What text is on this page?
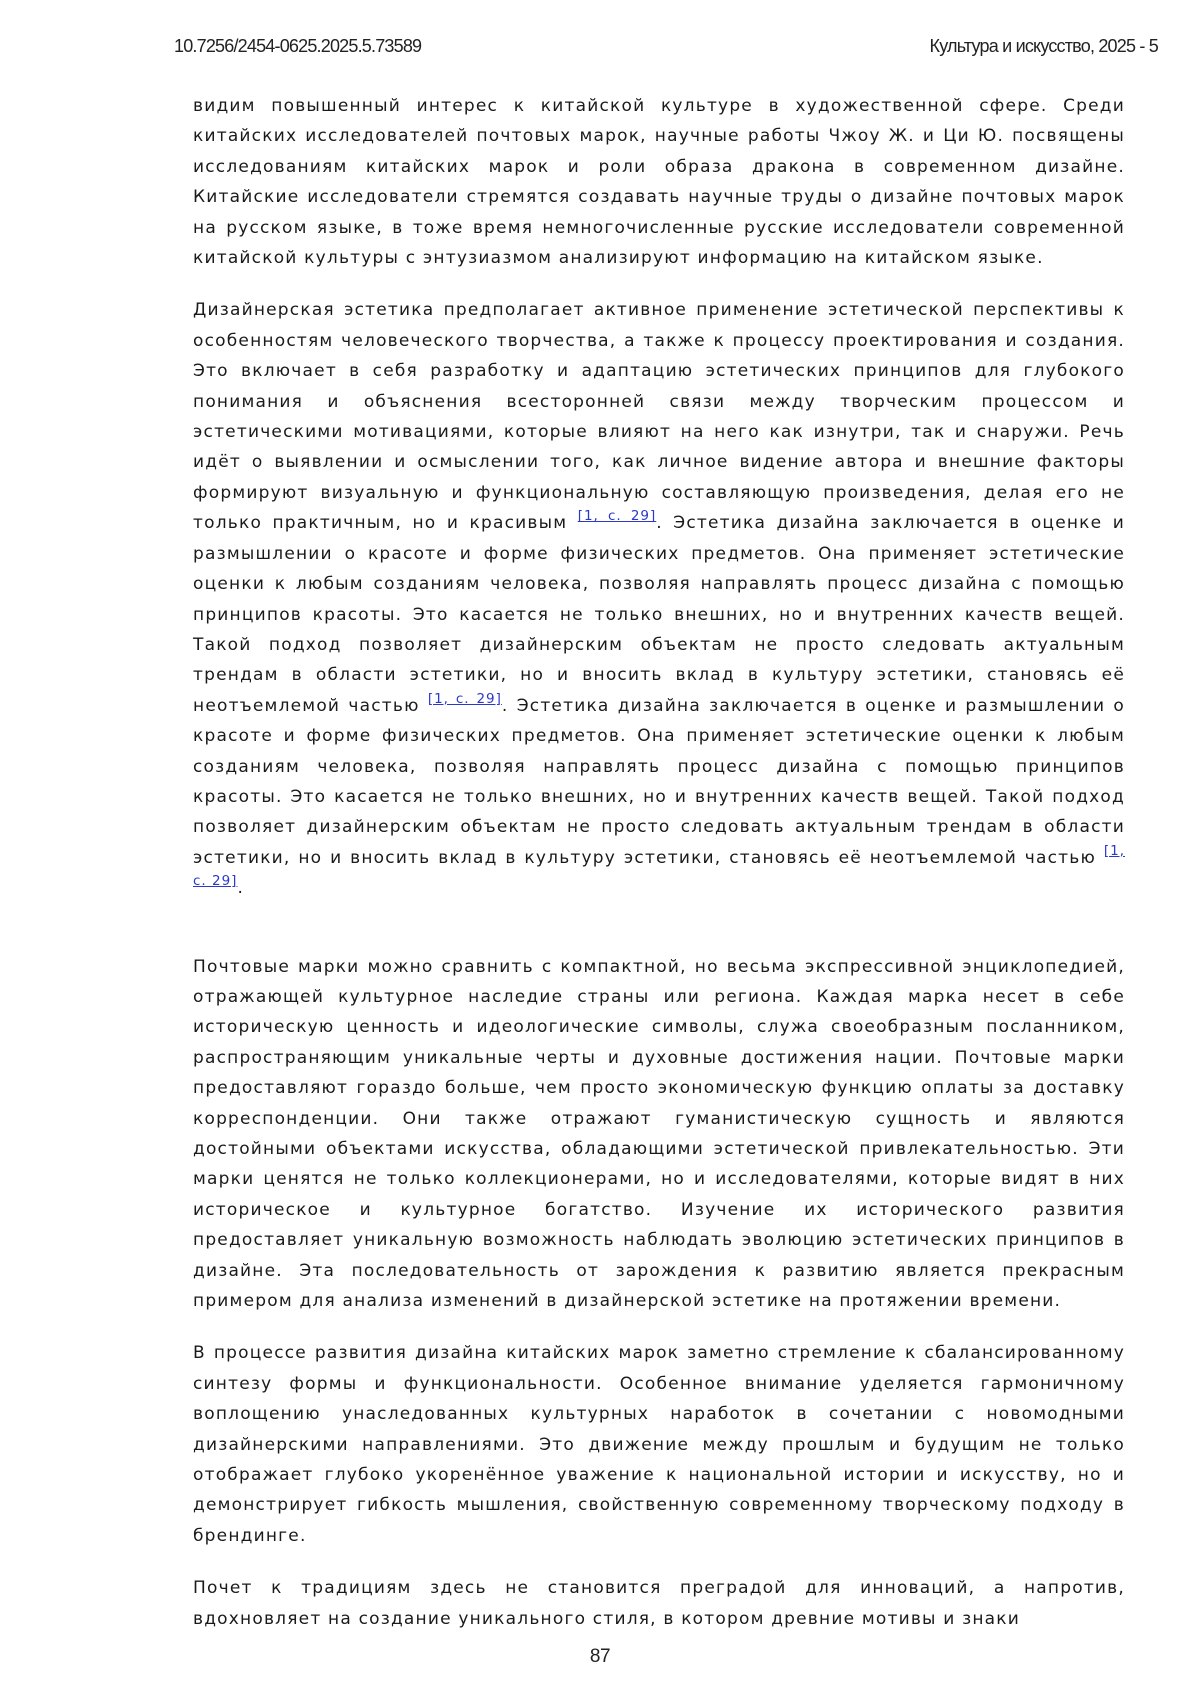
10.7256/2454-0625.2025.5.73589	Культура и искусство, 2025 - 5

видим повышенный интерес к китайской культуре в художественной сфере. Среди китайских исследователей почтовых марок, научные работы Чжоу Ж. и Ци Ю. посвящены исследованиям китайских марок и роли образа дракона в современном дизайне. Китайские исследователи стремятся создавать научные труды о дизайне почтовых марок на русском языке, в тоже время немногочисленные русские исследователи современной китайской культуры с энтузиазмом анализируют информацию на китайском языке.

Дизайнерская эстетика предполагает активное применение эстетической перспективы к особенностям человеческого творчества, а также к процессу проектирования и создания. Это включает в себя разработку и адаптацию эстетических принципов для глубокого понимания и объяснения всесторонней связи между творческим процессом и эстетическими мотивациями, которые влияют на него как изнутри, так и снаружи. Речь идёт о выявлении и осмыслении того, как личное видение автора и внешние факторы формируют визуальную и функциональную составляющую произведения, делая его не только практичным, но и красивым [1, с. 29]. Эстетика дизайна заключается в оценке и размышлении о красоте и форме физических предметов. Она применяет эстетические оценки к любым созданиям человека, позволяя направлять процесс дизайна с помощью принципов красоты. Это касается не только внешних, но и внутренних качеств вещей. Такой подход позволяет дизайнерским объектам не просто следовать актуальным трендам в области эстетики, но и вносить вклад в культуру эстетики, становясь её неотъемлемой частью [1, с. 29]. Эстетика дизайна заключается в оценке и размышлении о красоте и форме физических предметов. Она применяет эстетические оценки к любым созданиям человека, позволяя направлять процесс дизайна с помощью принципов красоты. Это касается не только внешних, но и внутренних качеств вещей. Такой подход позволяет дизайнерским объектам не просто следовать актуальным трендам в области эстетики, но и вносить вклад в культуру эстетики, становясь её неотъемлемой частью [1, с. 29].

Почтовые марки можно сравнить с компактной, но весьма экспрессивной энциклопедией, отражающей культурное наследие страны или региона. Каждая марка несет в себе историческую ценность и идеологические символы, служа своеобразным посланником, распространяющим уникальные черты и духовные достижения нации. Почтовые марки предоставляют гораздо больше, чем просто экономическую функцию оплаты за доставку корреспонденции. Они также отражают гуманистическую сущность и являются достойными объектами искусства, обладающими эстетической привлекательностью. Эти марки ценятся не только коллекционерами, но и исследователями, которые видят в них историческое и культурное богатство. Изучение их исторического развития предоставляет уникальную возможность наблюдать эволюцию эстетических принципов в дизайне. Эта последовательность от зарождения к развитию является прекрасным примером для анализа изменений в дизайнерской эстетике на протяжении времени.

В процессе развития дизайна китайских марок заметно стремление к сбалансированному синтезу формы и функциональности. Особенное внимание уделяется гармоничному воплощению унаследованных культурных наработок в сочетании с новомодными дизайнерскими направлениями. Это движение между прошлым и будущим не только отображает глубоко укоренённое уважение к национальной истории и искусству, но и демонстрирует гибкость мышления, свойственную современному творческому подходу в брендинге.

Почет к традициям здесь не становится преградой для инноваций, а напротив, вдохновляет на создание уникального стиля, в котором древние мотивы и знаки

87
